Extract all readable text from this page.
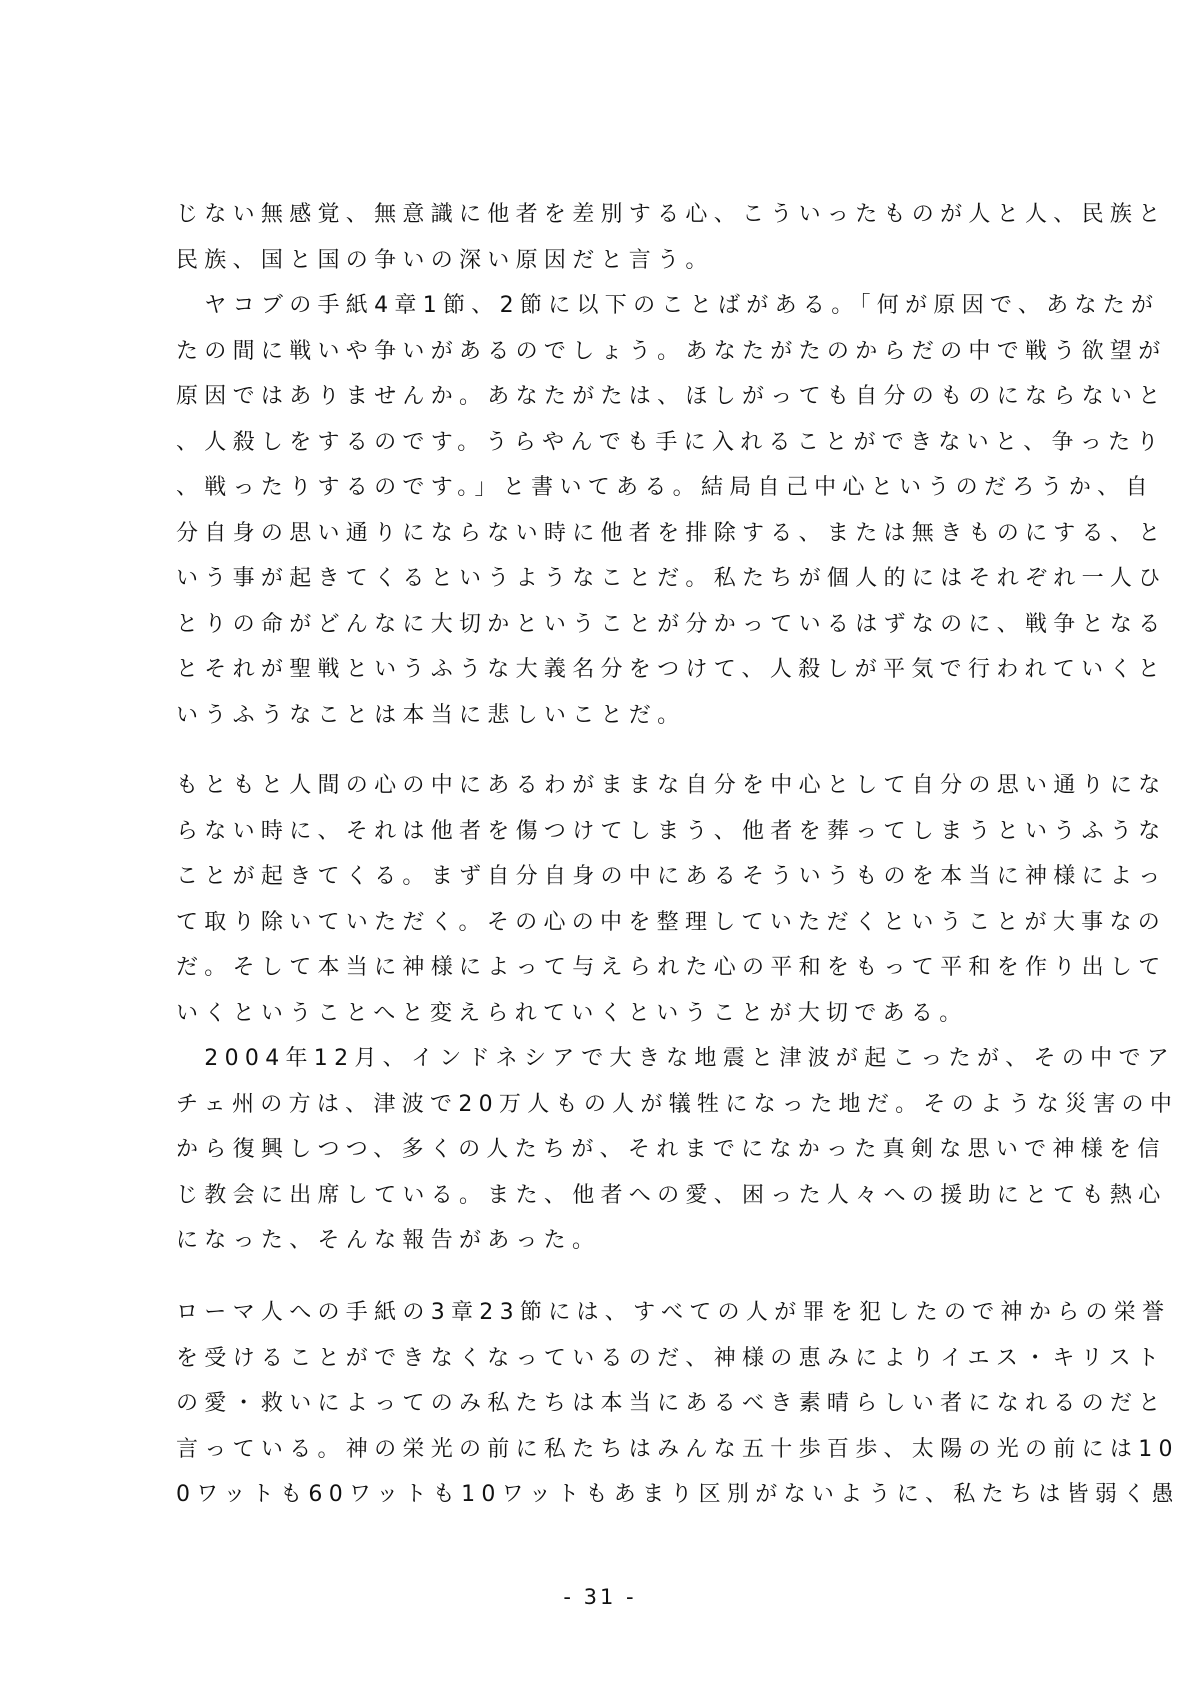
じない無感覚、無意識に他者を差別する心、こういったものが人と人、民族と
民族、国と国の争いの深い原因だと言う。
　ヤコブの手紙4章1節、2節に以下のことばがある。「何が原因で、あなたが
たの間に戦いや争いがあるのでしょう。あなたがたのからだの中で戦う欲望が
原因ではありませんか。あなたがたは、ほしがっても自分のものにならないと
、人殺しをするのです。うらやんでも手に入れることができないと、争ったり
、戦ったりするのです。」と書いてある。結局自己中心というのだろうか、自
分自身の思い通りにならない時に他者を排除する、または無きものにする、と
いう事が起きてくるというようなことだ。私たちが個人的にはそれぞれ一人ひ
とりの命がどんなに大切かということが分かっているはずなのに、戦争となる
とそれが聖戦というふうな大義名分をつけて、人殺しが平気で行われていくと
いうふうなことは本当に悲しいことだ。
もともと人間の心の中にあるわがままな自分を中心として自分の思い通りにな
らない時に、それは他者を傷つけてしまう、他者を葬ってしまうというふうな
ことが起きてくる。まず自分自身の中にあるそういうものを本当に神様によっ
て取り除いていただく。その心の中を整理していただくということが大事なの
だ。そして本当に神様によって与えられた心の平和をもって平和を作り出して
いくということへと変えられていくということが大切である。
　2004年12月、インドネシアで大きな地震と津波が起こったが、その中でア
チェ州の方は、津波で20万人もの人が犠牲になった地だ。そのような災害の中
から復興しつつ、多くの人たちが、それまでになかった真剣な思いで神様を信
じ教会に出席している。また、他者への愛、困った人々への援助にとても熱心
になった、そんな報告があった。
ローマ人への手紙の3章23節には、すべての人が罪を犯したので神からの栄誉
を受けることができなくなっているのだ、神様の恵みによりイエス・キリスト
の愛・救いによってのみ私たちは本当にあるべき素晴らしい者になれるのだと
言っている。神の栄光の前に私たちはみんな五十歩百歩、太陽の光の前には10
0ワットも60ワットも10ワットもあまり区別がないように、私たちは皆弱く愚
- 31 -
